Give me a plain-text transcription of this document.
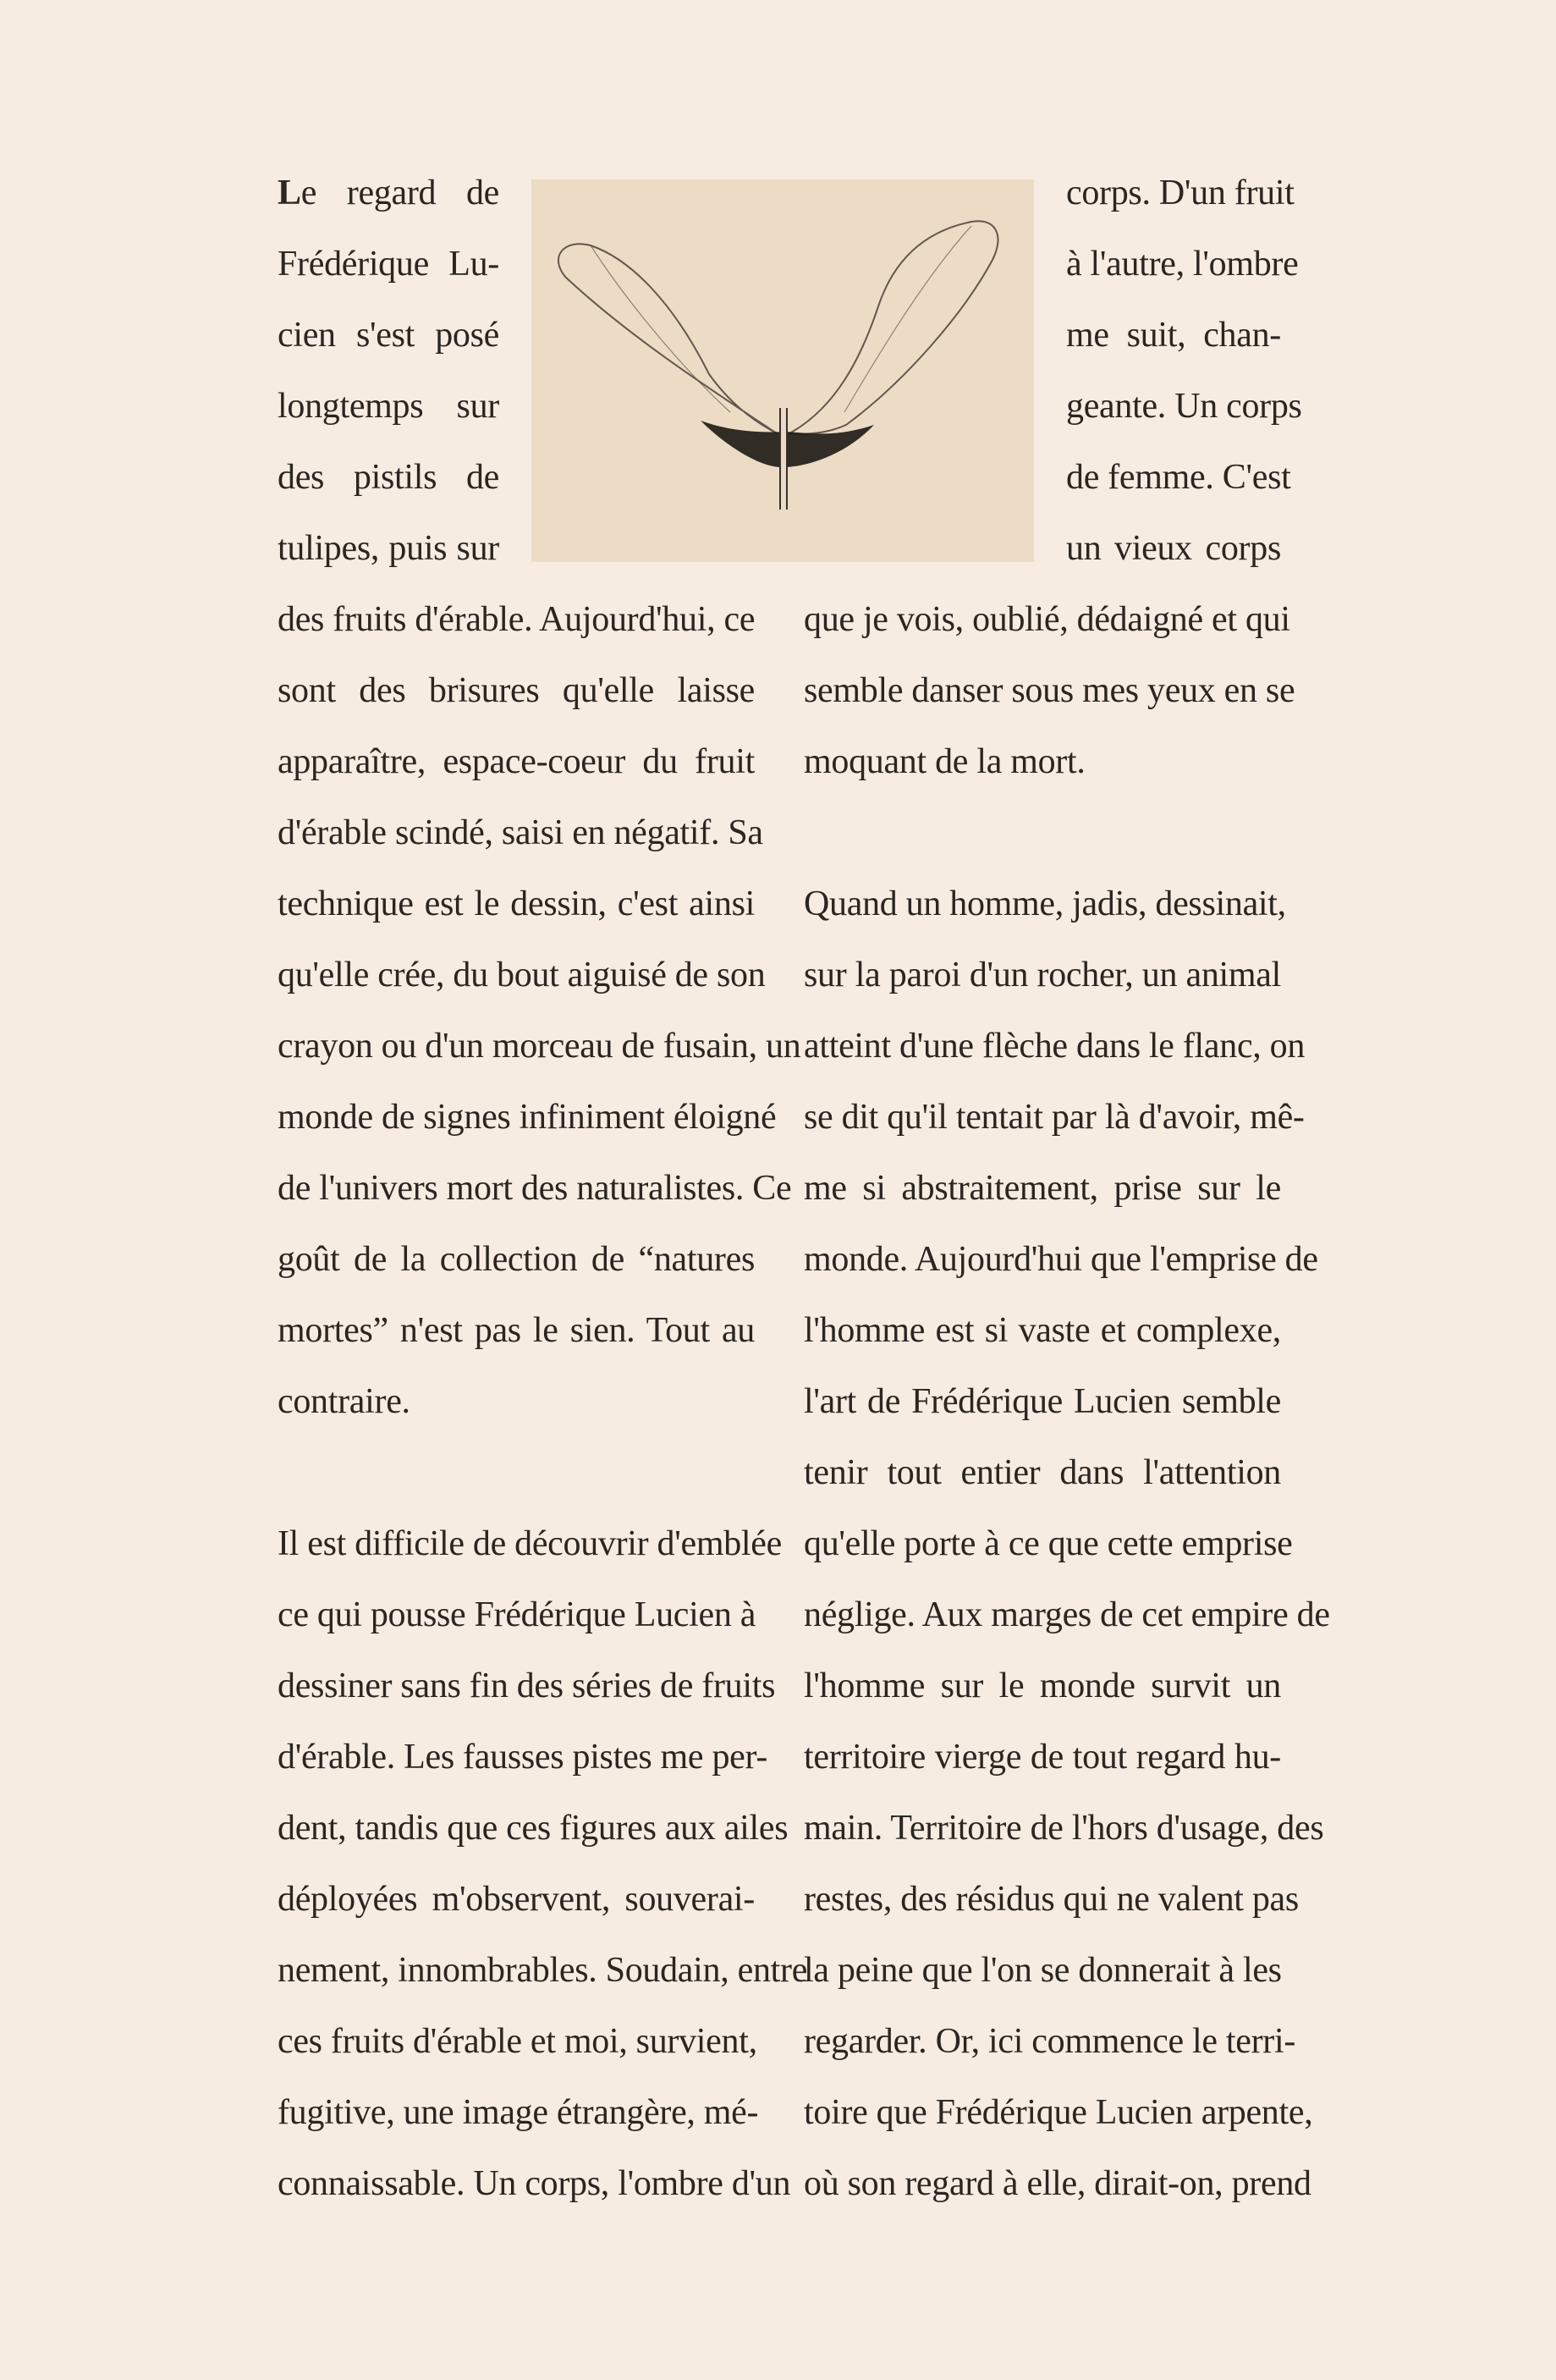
Le regard de
Frédérique Lu-
cien s'est posé
longtemps sur
des pistils de
tulipes, puis sur
corps. D'un fruit
à l'autre, l'ombre
me suit, chan-
geante. Un corps
de femme. C'est
un vieux corps
des fruits d'érable. Aujourd'hui, ce
sont des brisures qu'elle laisse
apparaître, espace-coeur du fruit
d'érable scindé, saisi en négatif. Sa
technique est le dessin, c'est ainsi
qu'elle crée, du bout aiguisé de son
crayon ou d'un morceau de fusain, un
monde de signes infiniment éloigné
de l'univers mort des naturalistes. Ce
goût de la collection de “natures
mortes” n'est pas le sien. Tout au
contraire.
Il est difficile de découvrir d'emblée
ce qui pousse Frédérique Lucien à
dessiner sans fin des séries de fruits
d'érable. Les fausses pistes me per-
dent, tandis que ces figures aux ailes
déployées m'observent, souverai-
nement, innombrables. Soudain, entre
ces fruits d'érable et moi, survient,
fugitive, une image étrangère, mé-
connaissable. Un corps, l'ombre d'un
que je vois, oublié, dédaigné et qui
semble danser sous mes yeux en se
moquant de la mort.
Quand un homme, jadis, dessinait,
sur la paroi d'un rocher, un animal
atteint d'une flèche dans le flanc, on
se dit qu'il tentait par là d'avoir, mê-
me si abstraitement, prise sur le
monde. Aujourd'hui que l'emprise de
l'homme est si vaste et complexe,
l'art de Frédérique Lucien semble
tenir tout entier dans l'attention
qu'elle porte à ce que cette emprise
néglige. Aux marges de cet empire de
l'homme sur le monde survit un
territoire vierge de tout regard hu-
main. Territoire de l'hors d'usage, des
restes, des résidus qui ne valent pas
la peine que l'on se donnerait à les
regarder. Or, ici commence le terri-
toire que Frédérique Lucien arpente,
où son regard à elle, dirait-on, prend
